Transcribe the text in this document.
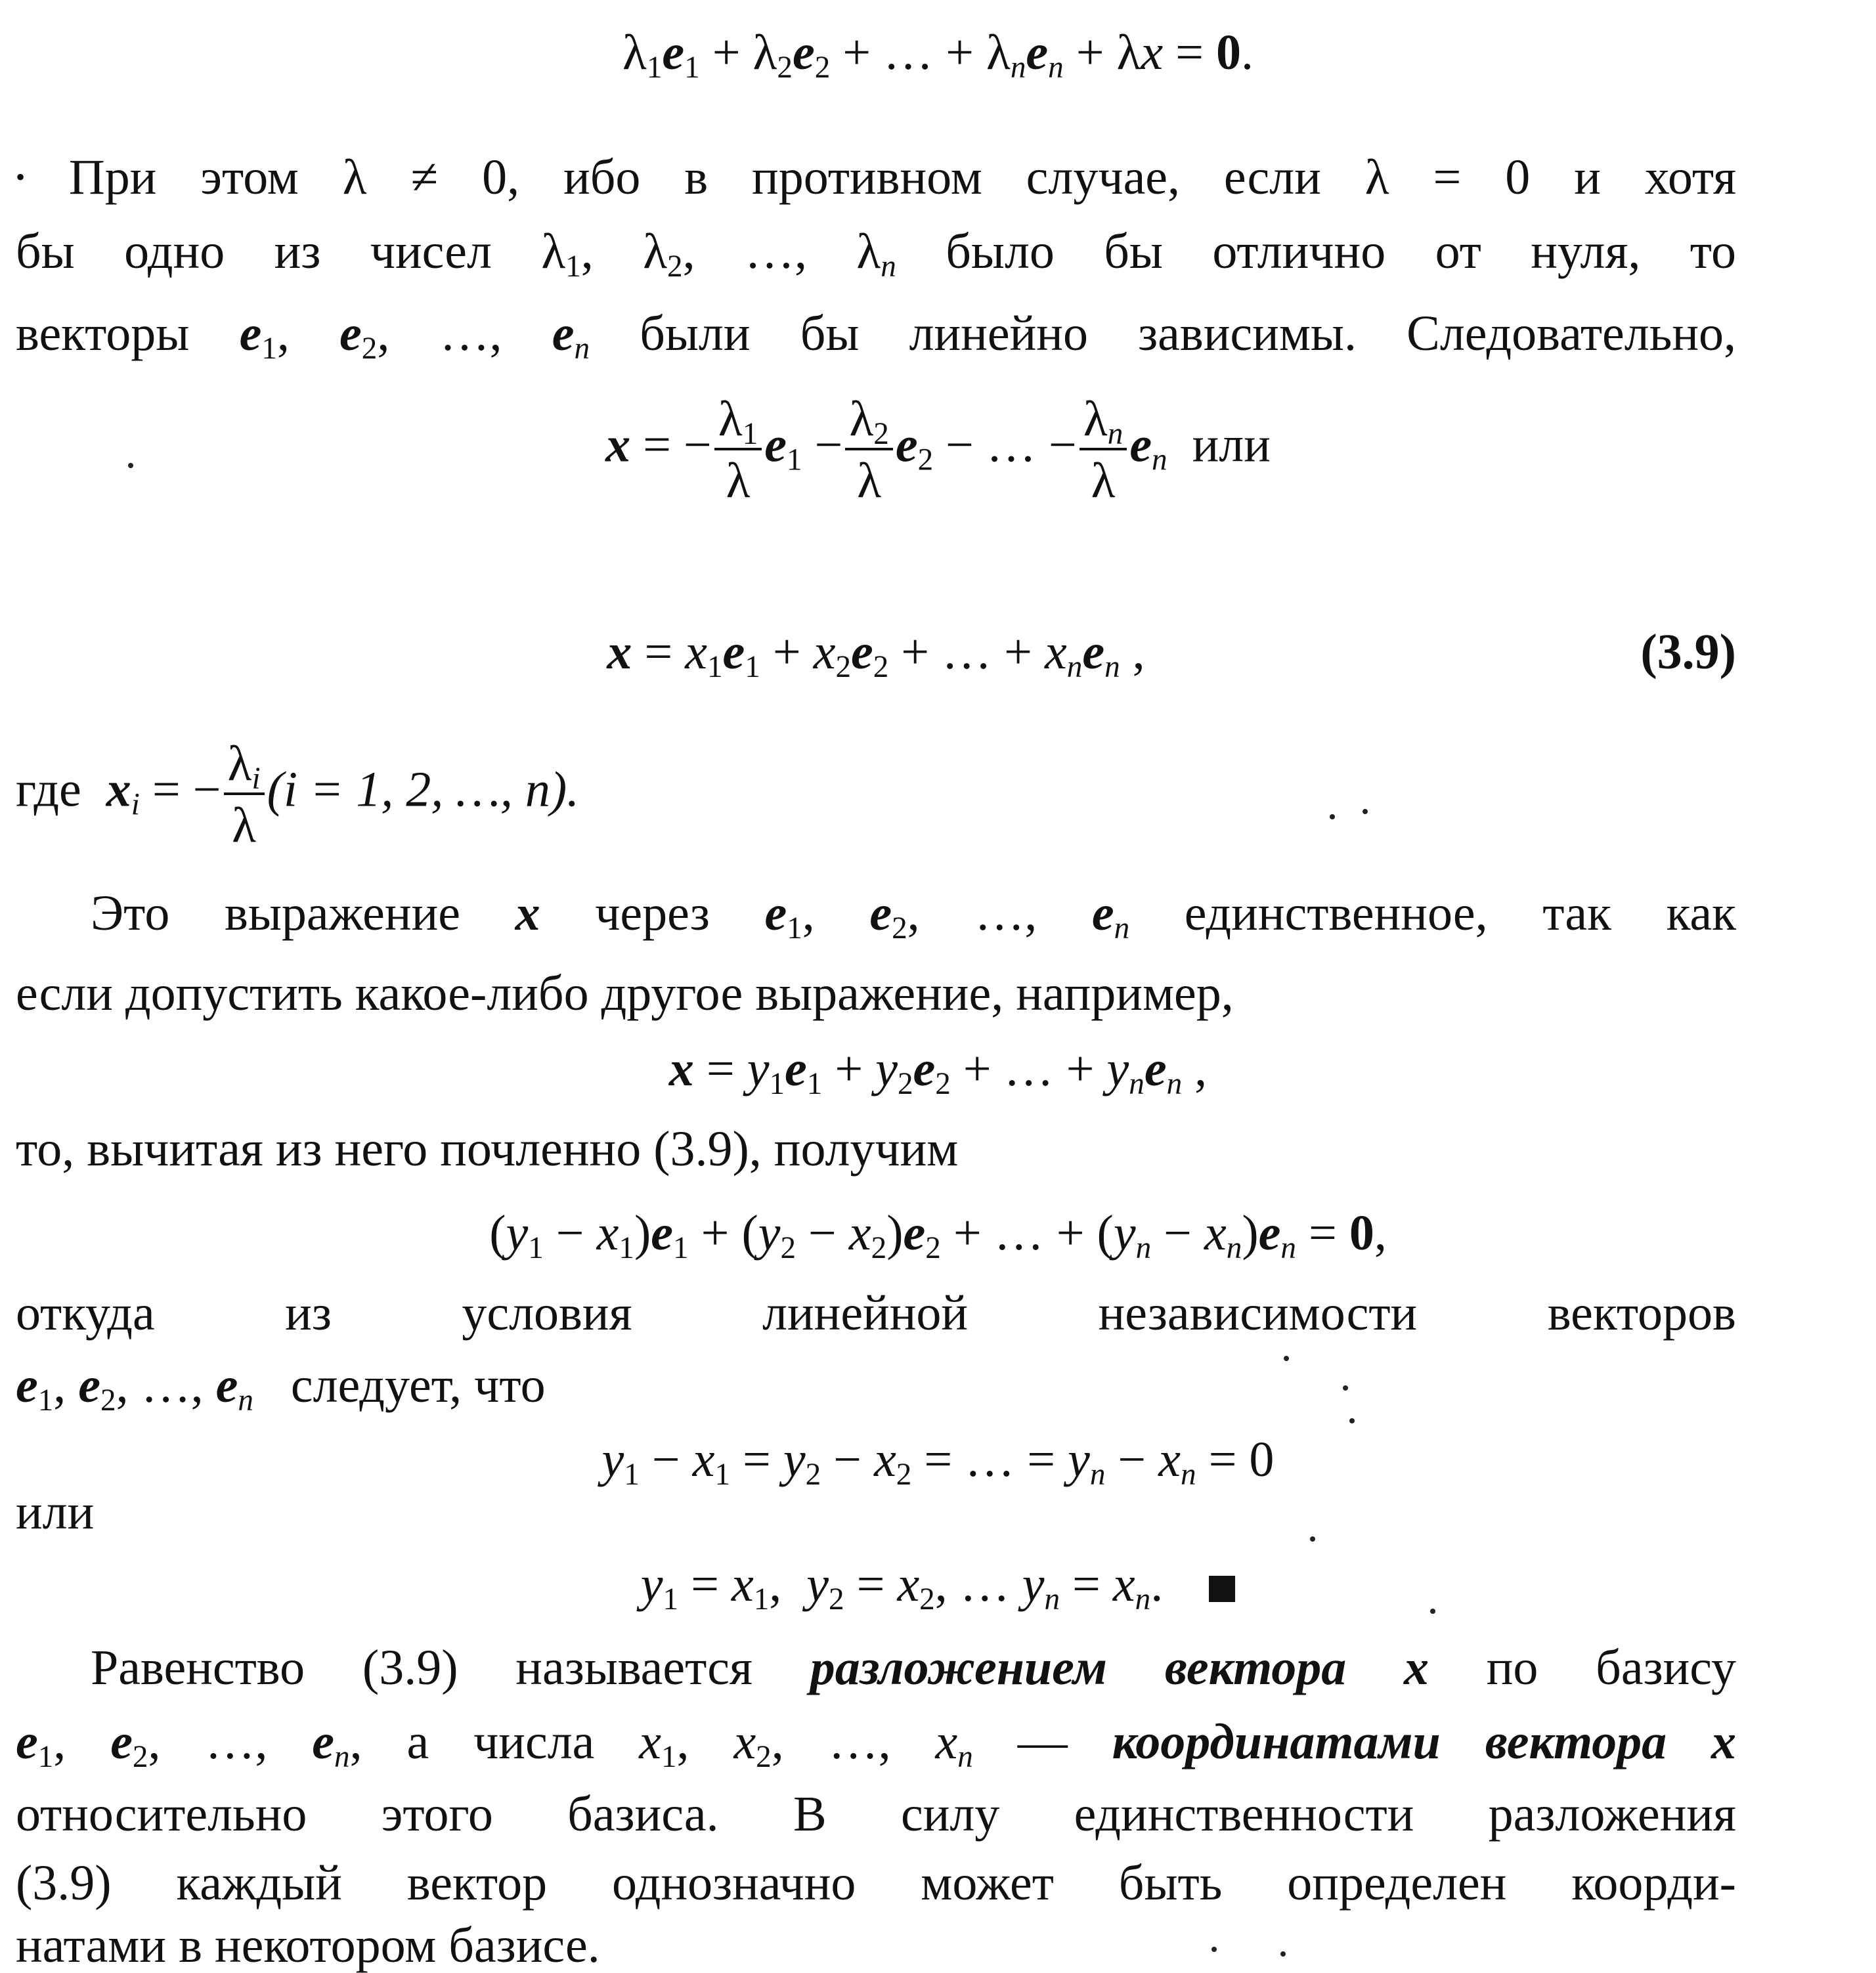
$\lambda_1e_1 + \lambda_2e_2$ + … + $\lambda_ne_n + \lambda x = 0$.
• При этом λ ≠ 0, ибо в противном случае, если λ = 0 и хотя
бы одно из чисел $\lambda_1$, $\lambda_2$, …, $\lambda_n$ было бы отлично от нуля, то
векторы $e_1$, $e_2$, …, $e_n$ были бы линейно зависимы. Следовательно,
x = − $\frac{\lambda_1}{\lambda} e_1 - \frac{\lambda_2}{\lambda} e_2$ − … − $\frac{\lambda_n}{\lambda} e_n$ или
$x = x_1e_1 + x_2e_2$ + … + $x_ne_n$ ,	(3.9)
где $x_i$ = − $\frac{\lambda_i}{\lambda} (i = 1$, 2, …, n).
Это выражение x через $e_1$, $e_2$, …, $e_n$ единственное, так как
если допустить какое-либо другое выражение, например,
$x = y_1e_1 + y_2e_2$ + … + $y_ne_n$ ,
то, вычитая из него почленно (3.9), получим
$(y_1 - x_1)e_1 + (y_2 - x_2)e_2$ + … + $(y_n - x_n)e_n = 0$,
откуда	из	условия	линейной	независимости	векторов
$e_1$, $e_2$, …, $e_n$ следует, что
$y_1 - x_1 = y_2 - x_2$ = … = $y_n - x_n = 0$
или
$y_1 = x_1$,  $y_2 = x_2$, … $y_n = x_n$.
Равенство (3.9) называется разложением вектора x по базису
$e_1$, $e_2$, …, $e_n$, а числа $x_1$, $x_2$, …, $x_n$ — координатами вектора x
относительно этого базиса. В силу единственности разложения
(3.9) каждый вектор однозначно может быть определен коорди-
натами в некотором базисе.
